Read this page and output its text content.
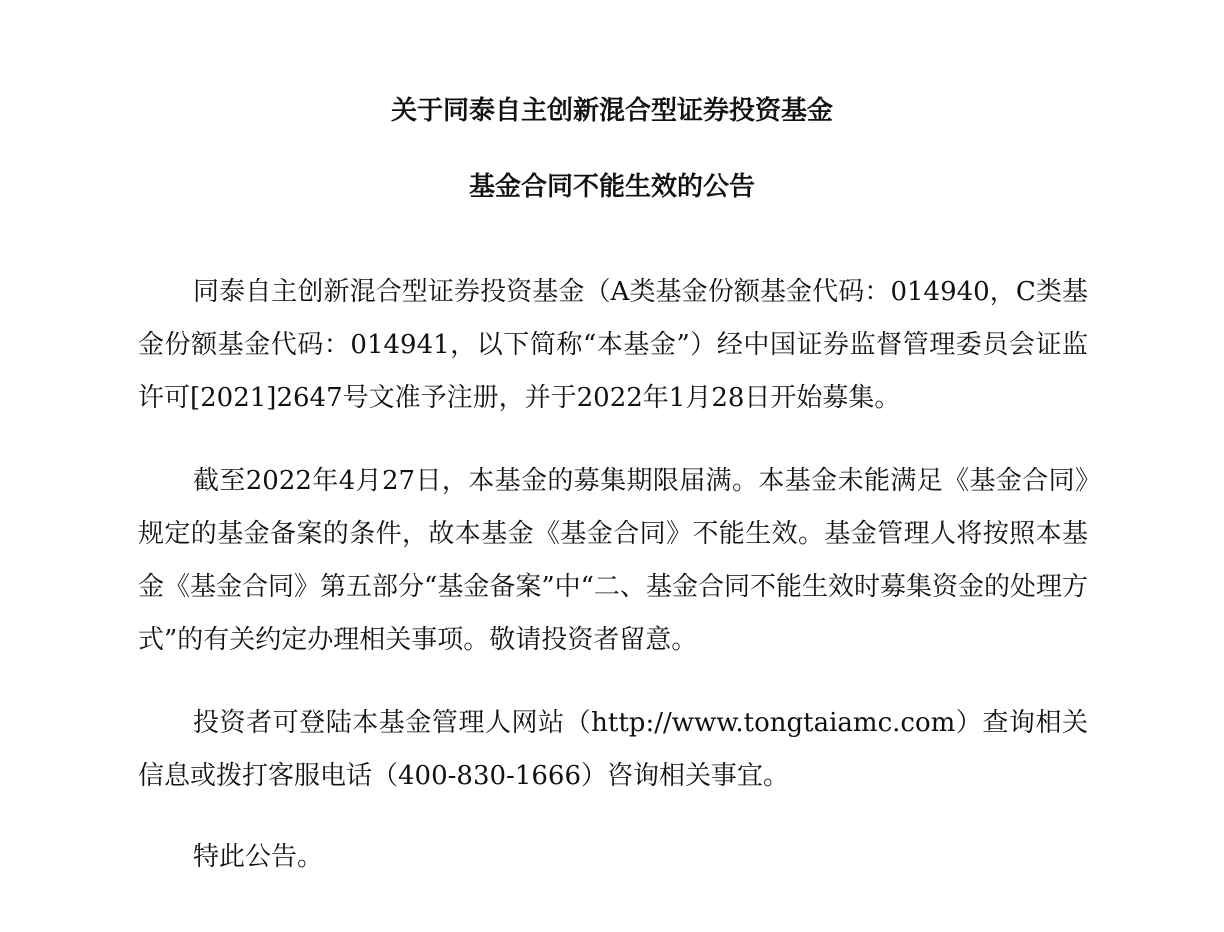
关于同泰自主创新混合型证券投资基金
基金合同不能生效的公告

同泰自主创新混合型证券投资基金（A类基金份额基金代码：014940，C类基金份额基金代码：014941，以下简称“本基金”）经中国证券监督管理委员会证监许可[2021]2647号文准予注册，并于2022年1月28日开始募集。

截至2022年4月27日，本基金的募集期限届满。本基金未能满足《基金合同》规定的基金备案的条件，故本基金《基金合同》不能生效。基金管理人将按照本基金《基金合同》第五部分“基金备案”中“二、基金合同不能生效时募集资金的处理方式”的有关约定办理相关事项。敬请投资者留意。

投资者可登陆本基金管理人网站（http://www.tongtaiamc.com）查询相关信息或拨打客服电话（400-830-1666）咨询相关事宜。

特此公告。
